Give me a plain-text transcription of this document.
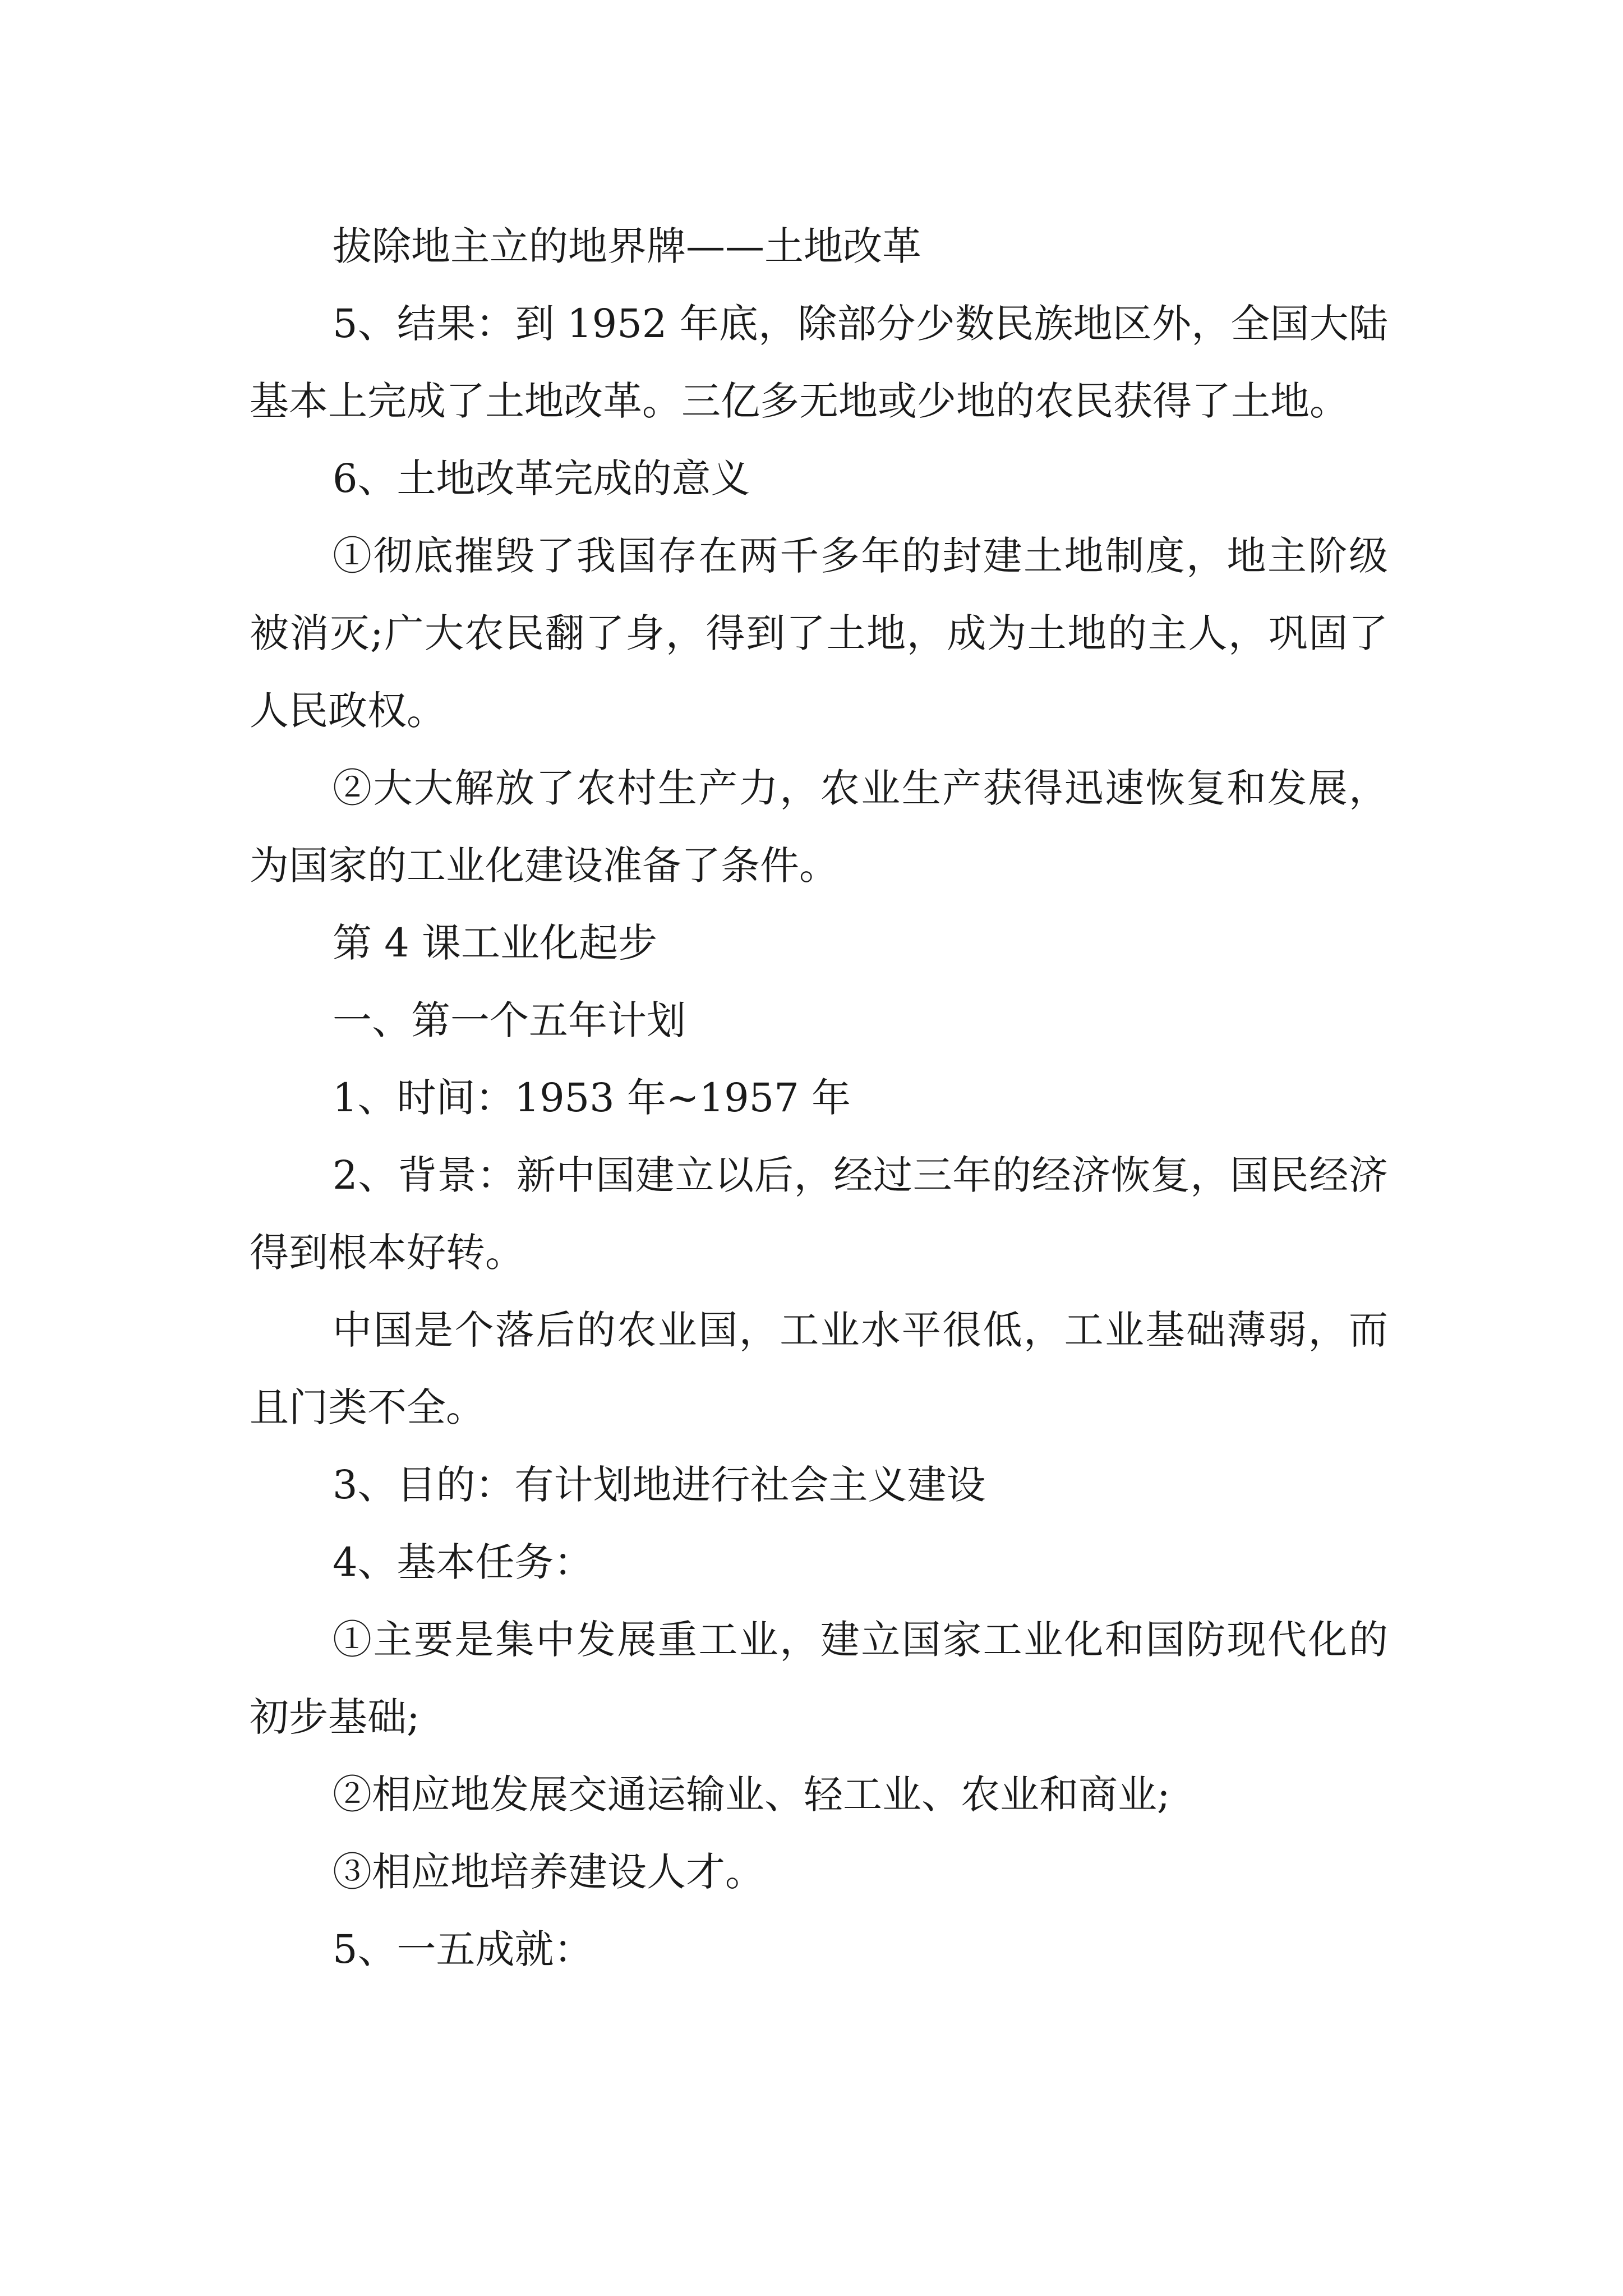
拔除地主立的地界牌——土地改革

5、结果：到 1952 年底，除部分少数民族地区外，全国大陆基本上完成了土地改革。三亿多无地或少地的农民获得了土地。

6、土地改革完成的意义

①彻底摧毁了我国存在两千多年的封建土地制度，地主阶级被消灭;广大农民翻了身，得到了土地，成为土地的主人，巩固了人民政权。

②大大解放了农村生产力，农业生产获得迅速恢复和发展，为国家的工业化建设准备了条件。

第 4 课工业化起步

一、第一个五年计划

1、时间：1953 年~1957 年

2、背景：新中国建立以后，经过三年的经济恢复，国民经济得到根本好转。

中国是个落后的农业国，工业水平很低，工业基础薄弱，而且门类不全。

3、目的：有计划地进行社会主义建设

4、基本任务：

①主要是集中发展重工业，建立国家工业化和国防现代化的初步基础;

②相应地发展交通运输业、轻工业、农业和商业;

③相应地培养建设人才。

5、一五成就：
